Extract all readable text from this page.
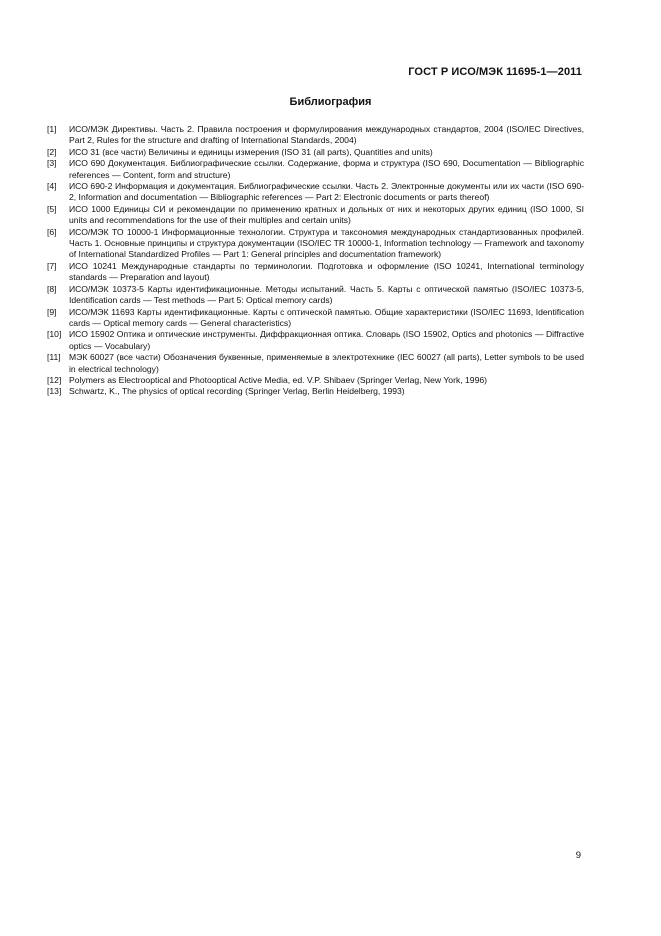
ГОСТ Р ИСО/МЭК 11695-1—2011
Библиография
[1]	ИСО/МЭК Директивы. Часть 2. Правила построения и формулирования международных стандартов, 2004 (ISO/IEC Directives, Part 2, Rules for the structure and drafting of International Standards, 2004)
[2]	ИСО 31 (все части) Величины и единицы измерения (ISO 31 (all parts), Quantities and units)
[3]	ИСО 690 Документация. Библиографические ссылки. Содержание, форма и структура (ISO 690, Documentation — Bibliographic references — Content, form and structure)
[4]	ИСО 690-2 Информация и документация. Библиографические ссылки. Часть 2. Электронные документы или их части (ISO 690-2, Information and documentation — Bibliographic references — Part 2: Electronic documents or parts thereof)
[5]	ИСО 1000 Единицы СИ и рекомендации по применению кратных и дольных от них и некоторых других единиц (ISO 1000, SI units and recommendations for the use of their multiples and certain units)
[6]	ИСО/МЭК ТО 10000-1 Информационные технологии. Структура и таксономия международных стандартизованных профилей. Часть 1. Основные принципы и структура документации (ISO/IEC TR 10000-1, Information technology — Framework and taxonomy of International Standardized Profiles — Part 1: General principles and documentation framework)
[7]	ИСО 10241 Международные стандарты по терминологии. Подготовка и оформление (ISO 10241, International terminology standards — Preparation and layout)
[8]	ИСО/МЭК 10373-5 Карты идентификационные. Методы испытаний. Часть 5. Карты с оптической памятью (ISO/IEC 10373-5, Identification cards — Test methods — Part 5: Optical memory cards)
[9]	ИСО/МЭК 11693 Карты идентификационные. Карты с оптической памятью. Общие характеристики (ISO/IEC 11693, Identification cards — Optical memory cards — General characteristics)
[10] ИСО 15902 Оптика и оптические инструменты. Диффракционная оптика. Словарь (ISO 15902, Optics and photonics — Diffractive optics — Vocabulary)
[11] МЭК 60027 (все части) Обозначения буквенные, применяемые в электротехнике (IEC 60027 (all parts), Letter symbols to be used in electrical technology)
[12] Polymers as Electrooptical and Photooptical Active Media, ed. V.P. Shibaev (Springer Verlag, New York, 1996)
[13] Schwartz, K., The physics of optical recording (Springer Verlag, Berlin Heidelberg, 1993)
9
